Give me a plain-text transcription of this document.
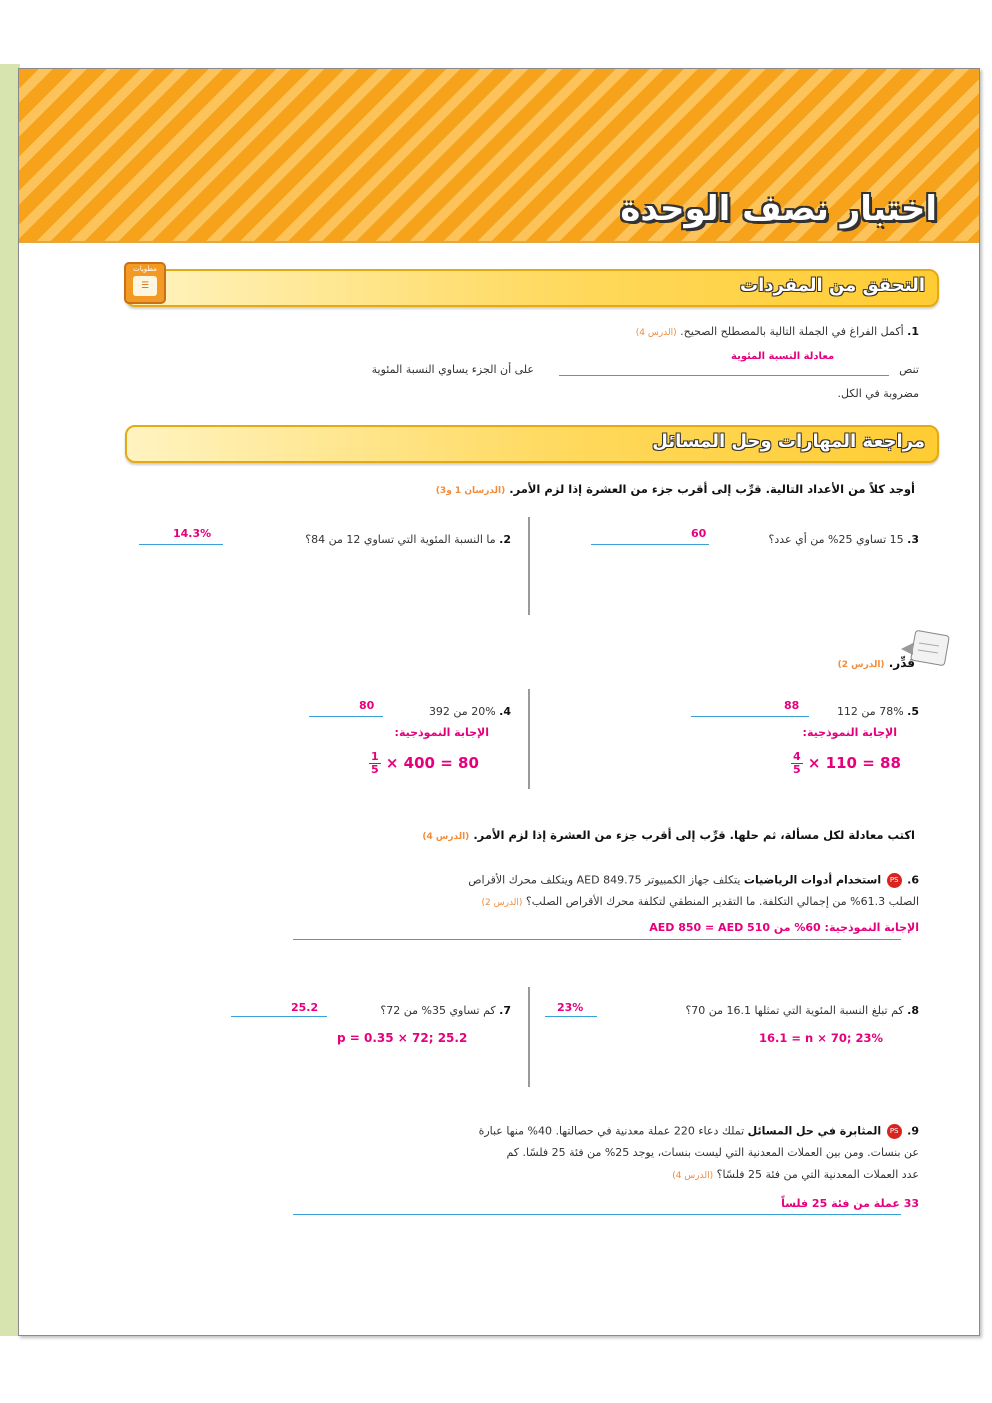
اختبار نصف الوحدة
التحقق من المفردات
مطويات
☰
1. أكمل الفراغ في الجملة التالية بالمصطلح الصحيح. (الدرس 4)
معادلة النسبة المئوية
تنص
على أن الجزء يساوي النسبة المئوية
مضروبة في الكل.
مراجعة المهارات وحل المسائل
أوجد كلاً من الأعداد التالية. قرِّب إلى أقرب جزء من العشرة إذا لزم الأمر. (الدرسان 1 و3)
3. 15 تساوي 25% من أي عدد؟
60
2. ما النسبة المئوية التي تساوي 12 من 84؟
14.3%
قدِّر. (الدرس 2)
5. 78% من 112
88
الإجابة النموذجية:
$\frac{4}{5} \times 110 = 88$
4. 20% من 392
80
الإجابة النموذجية:
$\frac{1}{5} \times 400 = 80$
اكتب معادلة لكل مسألة، ثم حلها. قرِّب إلى أقرب جزء من العشرة إذا لزم الأمر. (الدرس 4)
6. PS استخدام أدوات الرياضيات يتكلف جهاز الكمبيوتر AED 849.75 ويتكلف محرك الأقراص
الصلب 61.3% من إجمالي التكلفة. ما التقدير المنطقي لتكلفة محرك الأقراص الصلب؟ (الدرس 2)
الإجابة النموذجية: 60% من AED 850 = AED 510
8. كم تبلغ النسبة المئوية التي تمثلها 16.1 من 70؟
23%
16.1 = n × 70; 23%
7. كم تساوي 35% من 72؟
25.2
p = 0.35 × 72; 25.2
9. PS المثابرة في حل المسائل تملك دعاء 220 عملة معدنية في حصالتها. 40% منها عبارة
عن بنسات. ومن بين العملات المعدنية التي ليست بنسات، يوجد 25% من فئة 25 فلسًا. كم
عدد العملات المعدنية التي من فئة 25 فلسًا؟ (الدرس 4)
33 عملة من فئة 25 فلساً
